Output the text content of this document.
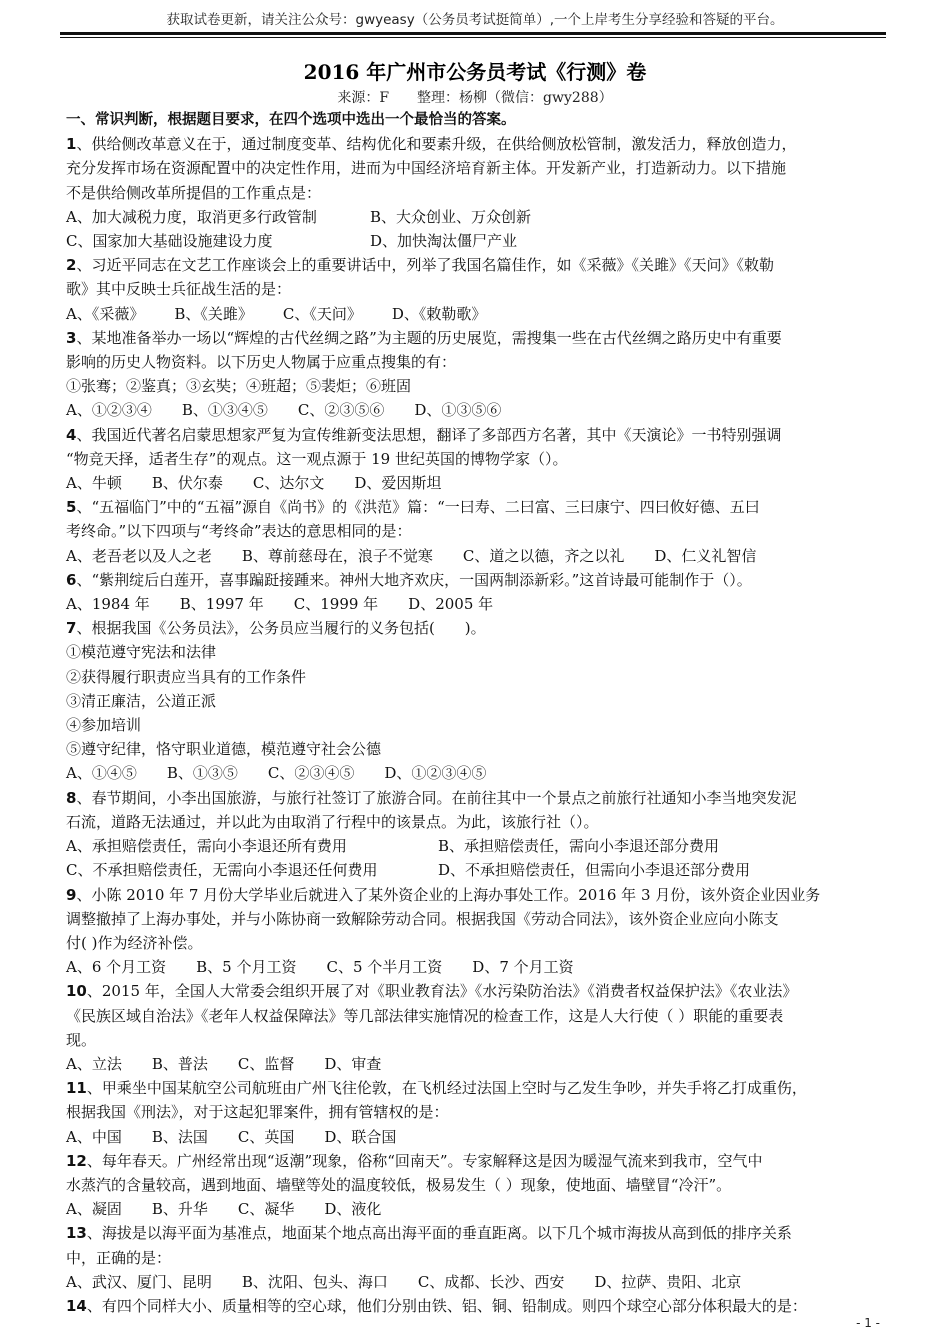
获取试卷更新，请关注公众号：gwyeasy（公务员考试挺简单）,一个上岸考生分享经验和答疑的平台。
2016 年广州市公务员考试《行测》卷
来源：F　　整理：杨柳（微信：gwy288）
一、常识判断，根据题目要求，在四个选项中选出一个最恰当的答案。
1、供给侧改革意义在于，通过制度变革、结构优化和要素升级，在供给侧放松管制，激发活力，释放创造力，
充分发挥市场在资源配置中的决定性作用，进而为中国经济培育新主体。开发新产业，打造新动力。以下措施
不是供给侧改革所提倡的工作重点是：
A、加大减税力度，取消更多行政管制	B、大众创业、万众创新
C、国家加大基础设施建设力度	D、加快淘汰僵尸产业
2、习近平同志在文艺工作座谈会上的重要讲话中，列举了我国名篇佳作，如《采薇》《关雎》《天问》《敕勒
歌》其中反映士兵征战生活的是：
A、《采薇》 B、《关雎》 C、《天问》 D、《敕勒歌》
3、某地准备举办一场以“辉煌的古代丝绸之路”为主题的历史展览，需搜集一些在古代丝绸之路历史中有重要
影响的历史人物资料。以下历史人物属于应重点搜集的有：
①张骞；②鉴真；③玄奘；④班超；⑤裴炬；⑥班固
A、①②③④ B、①③④⑤ C、②③⑤⑥ D、①③⑤⑥
4、我国近代著名启蒙思想家严复为宣传维新变法思想，翻译了多部西方名著，其中《天演论》一书特别强调
“物竞天择，适者生存”的观点。这一观点源于 19 世纪英国的博物学家（）。
A、牛顿 B、伏尔泰 C、达尔文 D、爱因斯坦
5、“五福临门”中的“五福”源自《尚书》的《洪范》篇：“一曰寿、二曰富、三曰康宁、四曰攸好德、五曰
考终命。”以下四项与“考终命”表达的意思相同的是：
A、老吾老以及人之老 B、尊前慈母在，浪子不觉寒 C、道之以德，齐之以礼 D、仁义礼智信
6、“紫荆绽后白莲开，喜事蹁跹接踵来。神州大地齐欢庆，一国两制添新彩。”这首诗最可能制作于（）。
A、1984 年 B、1997 年 C、1999 年 D、2005 年
7、根据我国《公务员法》，公务员应当履行的义务包括(　　)。
①模范遵守宪法和法律
②获得履行职责应当具有的工作条件
③清正廉洁，公道正派
④参加培训
⑤遵守纪律，恪守职业道德，模范遵守社会公德
A、①④⑤ B、①③⑤ C、②③④⑤ D、①②③④⑤
8、春节期间，小李出国旅游，与旅行社签订了旅游合同。在前往其中一个景点之前旅行社通知小李当地突发泥
石流，道路无法通过，并以此为由取消了行程中的该景点。为此，该旅行社（）。
A、承担赔偿责任，需向小李退还所有费用	B、承担赔偿责任，需向小李退还部分费用
C、不承担赔偿责任，无需向小李退还任何费用	D、不承担赔偿责任，但需向小李退还部分费用
9、小陈 2010 年 7 月份大学毕业后就进入了某外资企业的上海办事处工作。2016 年 3 月份，该外资企业因业务
调整撤掉了上海办事处，并与小陈协商一致解除劳动合同。根据我国《劳动合同法》，该外资企业应向小陈支
付( )作为经济补偿。
A、6 个月工资 B、5 个月工资 C、5 个半月工资 D、7 个月工资
10、2015 年，全国人大常委会组织开展了对《职业教育法》《水污染防治法》《消费者权益保护法》《农业法》
《民族区域自治法》《老年人权益保障法》等几部法律实施情况的检查工作，这是人大行使（ ）职能的重要表
现。
A、立法 B、普法 C、监督 D、审查
11、甲乘坐中国某航空公司航班由广州飞往伦敦，在飞机经过法国上空时与乙发生争吵，并失手将乙打成重伤，
根据我国《刑法》，对于这起犯罪案件，拥有管辖权的是：
A、中国 B、法国 C、英国 D、联合国
12、每年春天。广州经常出现“返潮”现象，俗称“回南天”。专家解释这是因为暖湿气流来到我市，空气中
水蒸汽的含量较高，遇到地面、墙壁等处的温度较低，极易发生（ ）现象，使地面、墙壁冒“冷汗”。
A、凝固 B、升华 C、凝华 D、液化
13、海拔是以海平面为基准点，地面某个地点高出海平面的垂直距离。以下几个城市海拔从高到低的排序关系
中，正确的是：
A、武汉、厦门、昆明 B、沈阳、包头、海口 C、成都、长沙、西安 D、拉萨、贵阳、北京
14、有四个同样大小、质量相等的空心球，他们分别由铁、铝、铜、铅制成。则四个球空心部分体积最大的是：
- 1 -
